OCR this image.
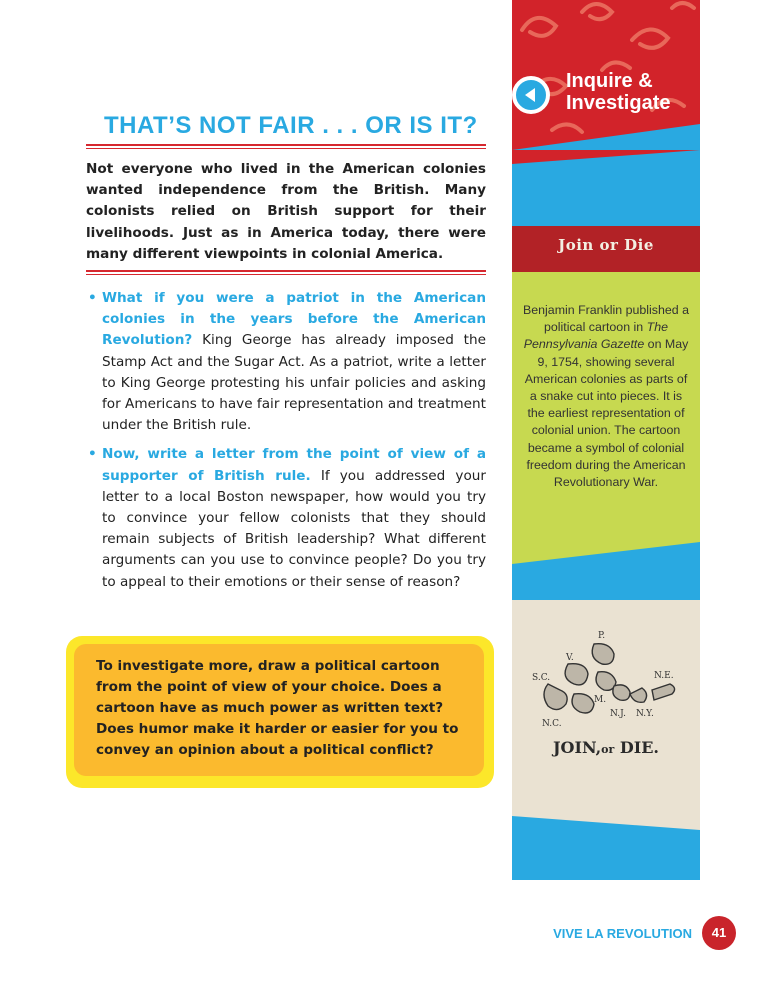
THAT’S NOT FAIR . . . OR IS IT?
Not everyone who lived in the American colonies wanted independence from the British. Many colonists relied on British support for their livelihoods. Just as in America today, there were many different viewpoints in colonial America.
• What if you were a patriot in the American colonies in the years before the American Revolution? King George has already imposed the Stamp Act and the Sugar Act. As a patriot, write a letter to King George protesting his unfair policies and asking for Americans to have fair representation and treatment under the British rule.
• Now, write a letter from the point of view of a supporter of British rule. If you addressed your letter to a local Boston newspaper, how would you try to convince your fellow colonists that they should remain subjects of British leadership? What different arguments can you use to convince people? Do you try to appeal to their emotions or their sense of reason?
To investigate more, draw a political cartoon from the point of view of your choice. Does a cartoon have as much power as written text? Does humor make it harder or easier for you to convey an opinion about a political conflict?
Join or Die
Benjamin Franklin published a political cartoon in The Pennsylvania Gazette on May 9, 1754, showing several American colonies as parts of a snake cut into pieces. It is the earliest representation of colonial union. The cartoon became a symbol of colonial freedom during the American Revolutionary War.
S.C.
N.C.
V.
M.
P.
N.J. N.Y.
N.E.
JOIN,or DIE.
Inquire &
Investigate
VIVE LA REVOLUTION	41
